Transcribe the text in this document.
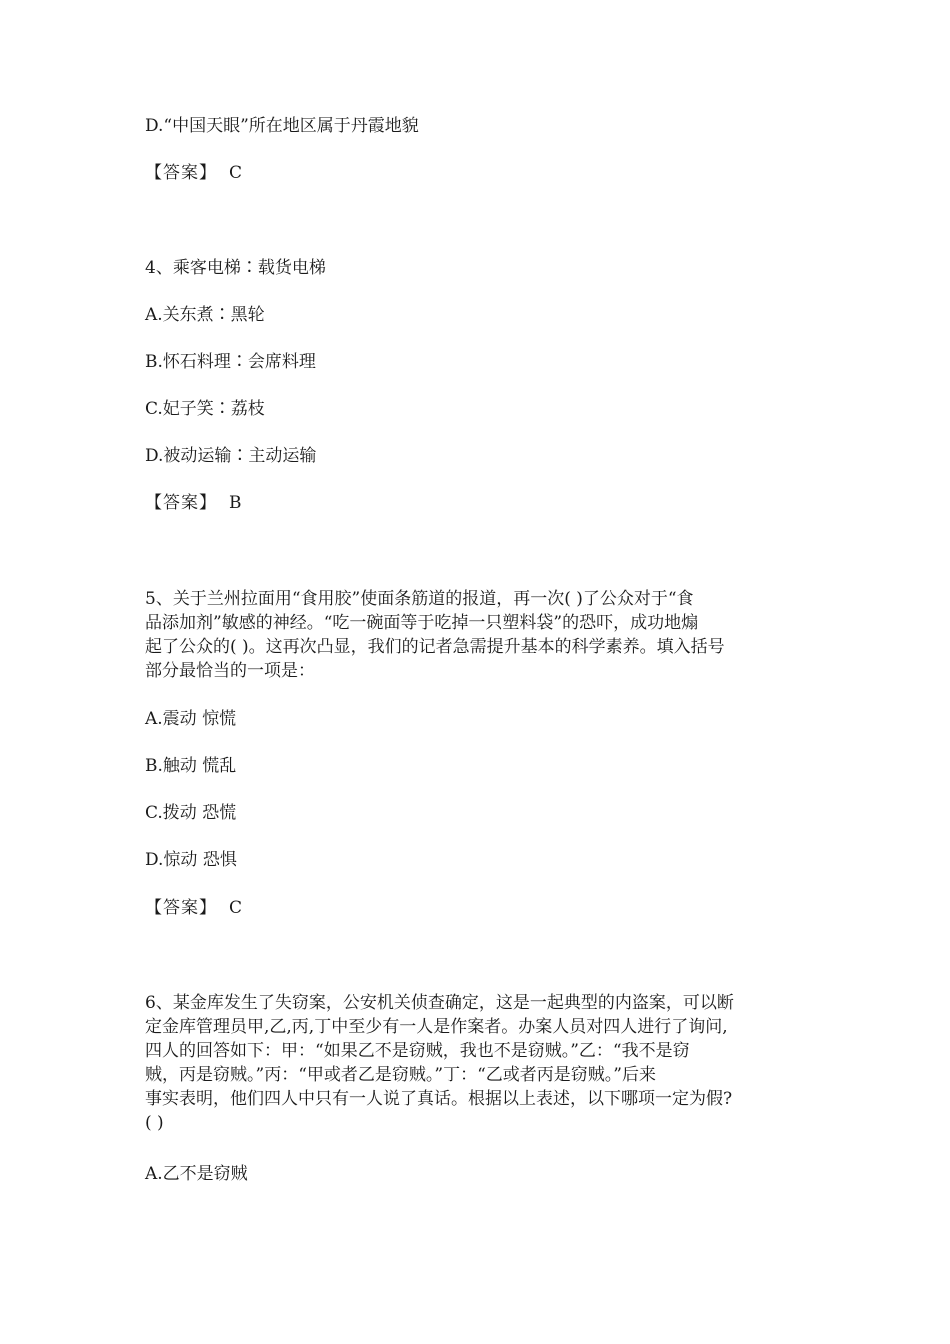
D.“中国天眼”所在地区属于丹霞地貌
【答案】 C
4、乘客电梯∶载货电梯
A.关东煮∶黑轮
B.怀石料理∶会席料理
C.妃子笑∶荔枝
D.被动运输∶主动运输
【答案】 B
5、关于兰州拉面用“食用胶”使面条筋道的报道，再一次( )了公众对于“食
品添加剂”敏感的神经。“吃一碗面等于吃掉一只塑料袋”的恐吓，成功地煽
起了公众的( )。这再次凸显，我们的记者急需提升基本的科学素养。填入括号
部分最恰当的一项是：
A.震动 惊慌
B.触动 慌乱
C.拨动 恐慌
D.惊动 恐惧
【答案】 C
6、某金库发生了失窃案，公安机关侦查确定，这是一起典型的内盗案，可以断
定金库管理员甲,乙,丙,丁中至少有一人是作案者。办案人员对四人进行了询问,
四人的回答如下：甲：“如果乙不是窃贼，我也不是窃贼。”乙：“我不是窃
贼，丙是窃贼。”丙：“甲或者乙是窃贼。”丁：“乙或者丙是窃贼。”后来
事实表明，他们四人中只有一人说了真话。根据以上表述，以下哪项一定为假?
( )
A.乙不是窃贼
